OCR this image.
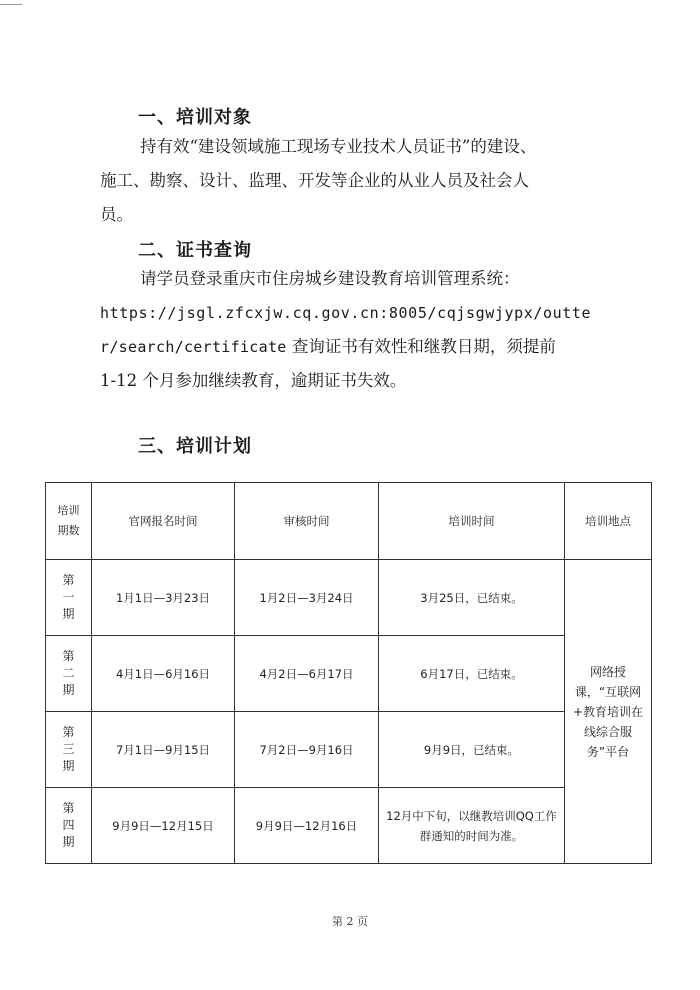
一、培训对象
持有效“建设领域施工现场专业技术人员证书”的建设、
施工、勘察、设计、监理、开发等企业的从业人员及社会人
员。
二、证书查询
请学员登录重庆市住房城乡建设教育培训管理系统：
https://jsgl.zfcxjw.cq.gov.cn:8005/cqjsgwjypx/outte
r/search/certificate 查询证书有效性和继教日期，须提前
1-12 个月参加继续教育，逾期证书失效。
三、培训计划
培训期数	官网报名时间	审核时间	培训时间	培训地点
第一期	1月1日—3月23日	1月2日—3月24日	3月25日，已结束。	网络授课，“互联网+教育培训在线综合服务”平台
第二期	4月1日—6月16日	4月2日—6月17日	6月17日，已结束。	
第三期	7月1日—9月15日	7月2日—9月16日	9月9日，已结束。	
第四期	9月9日—12月15日	9月9日—12月16日	12月中下旬，以继教培训QQ工作群通知的时间为准。	
第 2 页
